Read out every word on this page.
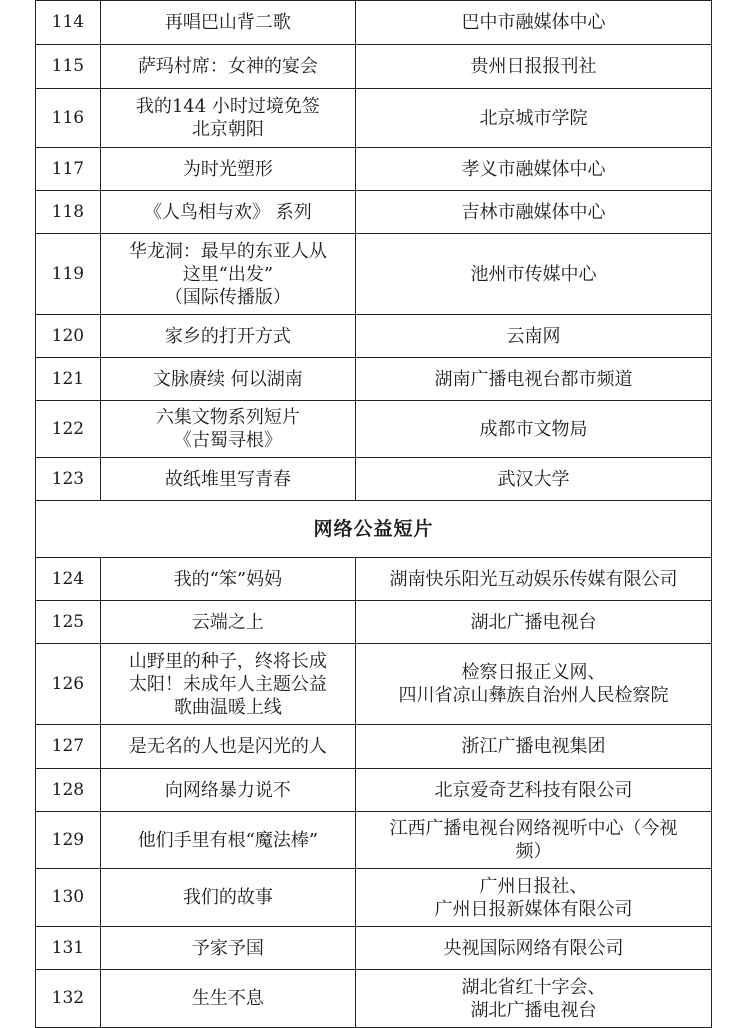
114	再唱巴山背二歌	巴中市融媒体中心

115	萨玛村席：女神的宴会	贵州日报报刊社

116	我的144 小时过境免签
北京朝阳	北京城市学院

117	为时光塑形	孝义市融媒体中心

118	《人鸟相与欢》 系列	吉林市融媒体中心

119	华龙洞：最早的东亚人从
这里“出发”
（国际传播版）	池州市传媒中心

120	家乡的打开方式	云南网

121	文脉赓续 何以湖南	湖南广播电视台都市频道

122	六集文物系列短片
《古蜀寻根》	成都市文物局

123	故纸堆里写青春	武汉大学

网络公益短片		
124	我的“笨”妈妈	湖南快乐阳光互动娱乐传媒有限公司

125	云端之上	湖北广播电视台

126	山野里的种子，终将长成
太阳！未成年人主题公益
歌曲温暖上线	检察日报正义网、
四川省凉山彝族自治州人民检察院

127	是无名的人也是闪光的人	浙江广播电视集团

128	向网络暴力说不	北京爱奇艺科技有限公司

129	他们手里有根“魔法棒”	江西广播电视台网络视听中心（今视
频）

130	我们的故事	广州日报社、
广州日报新媒体有限公司

131	予家予国	央视国际网络有限公司

132	生生不息	湖北省红十字会、
湖北广播电视台
